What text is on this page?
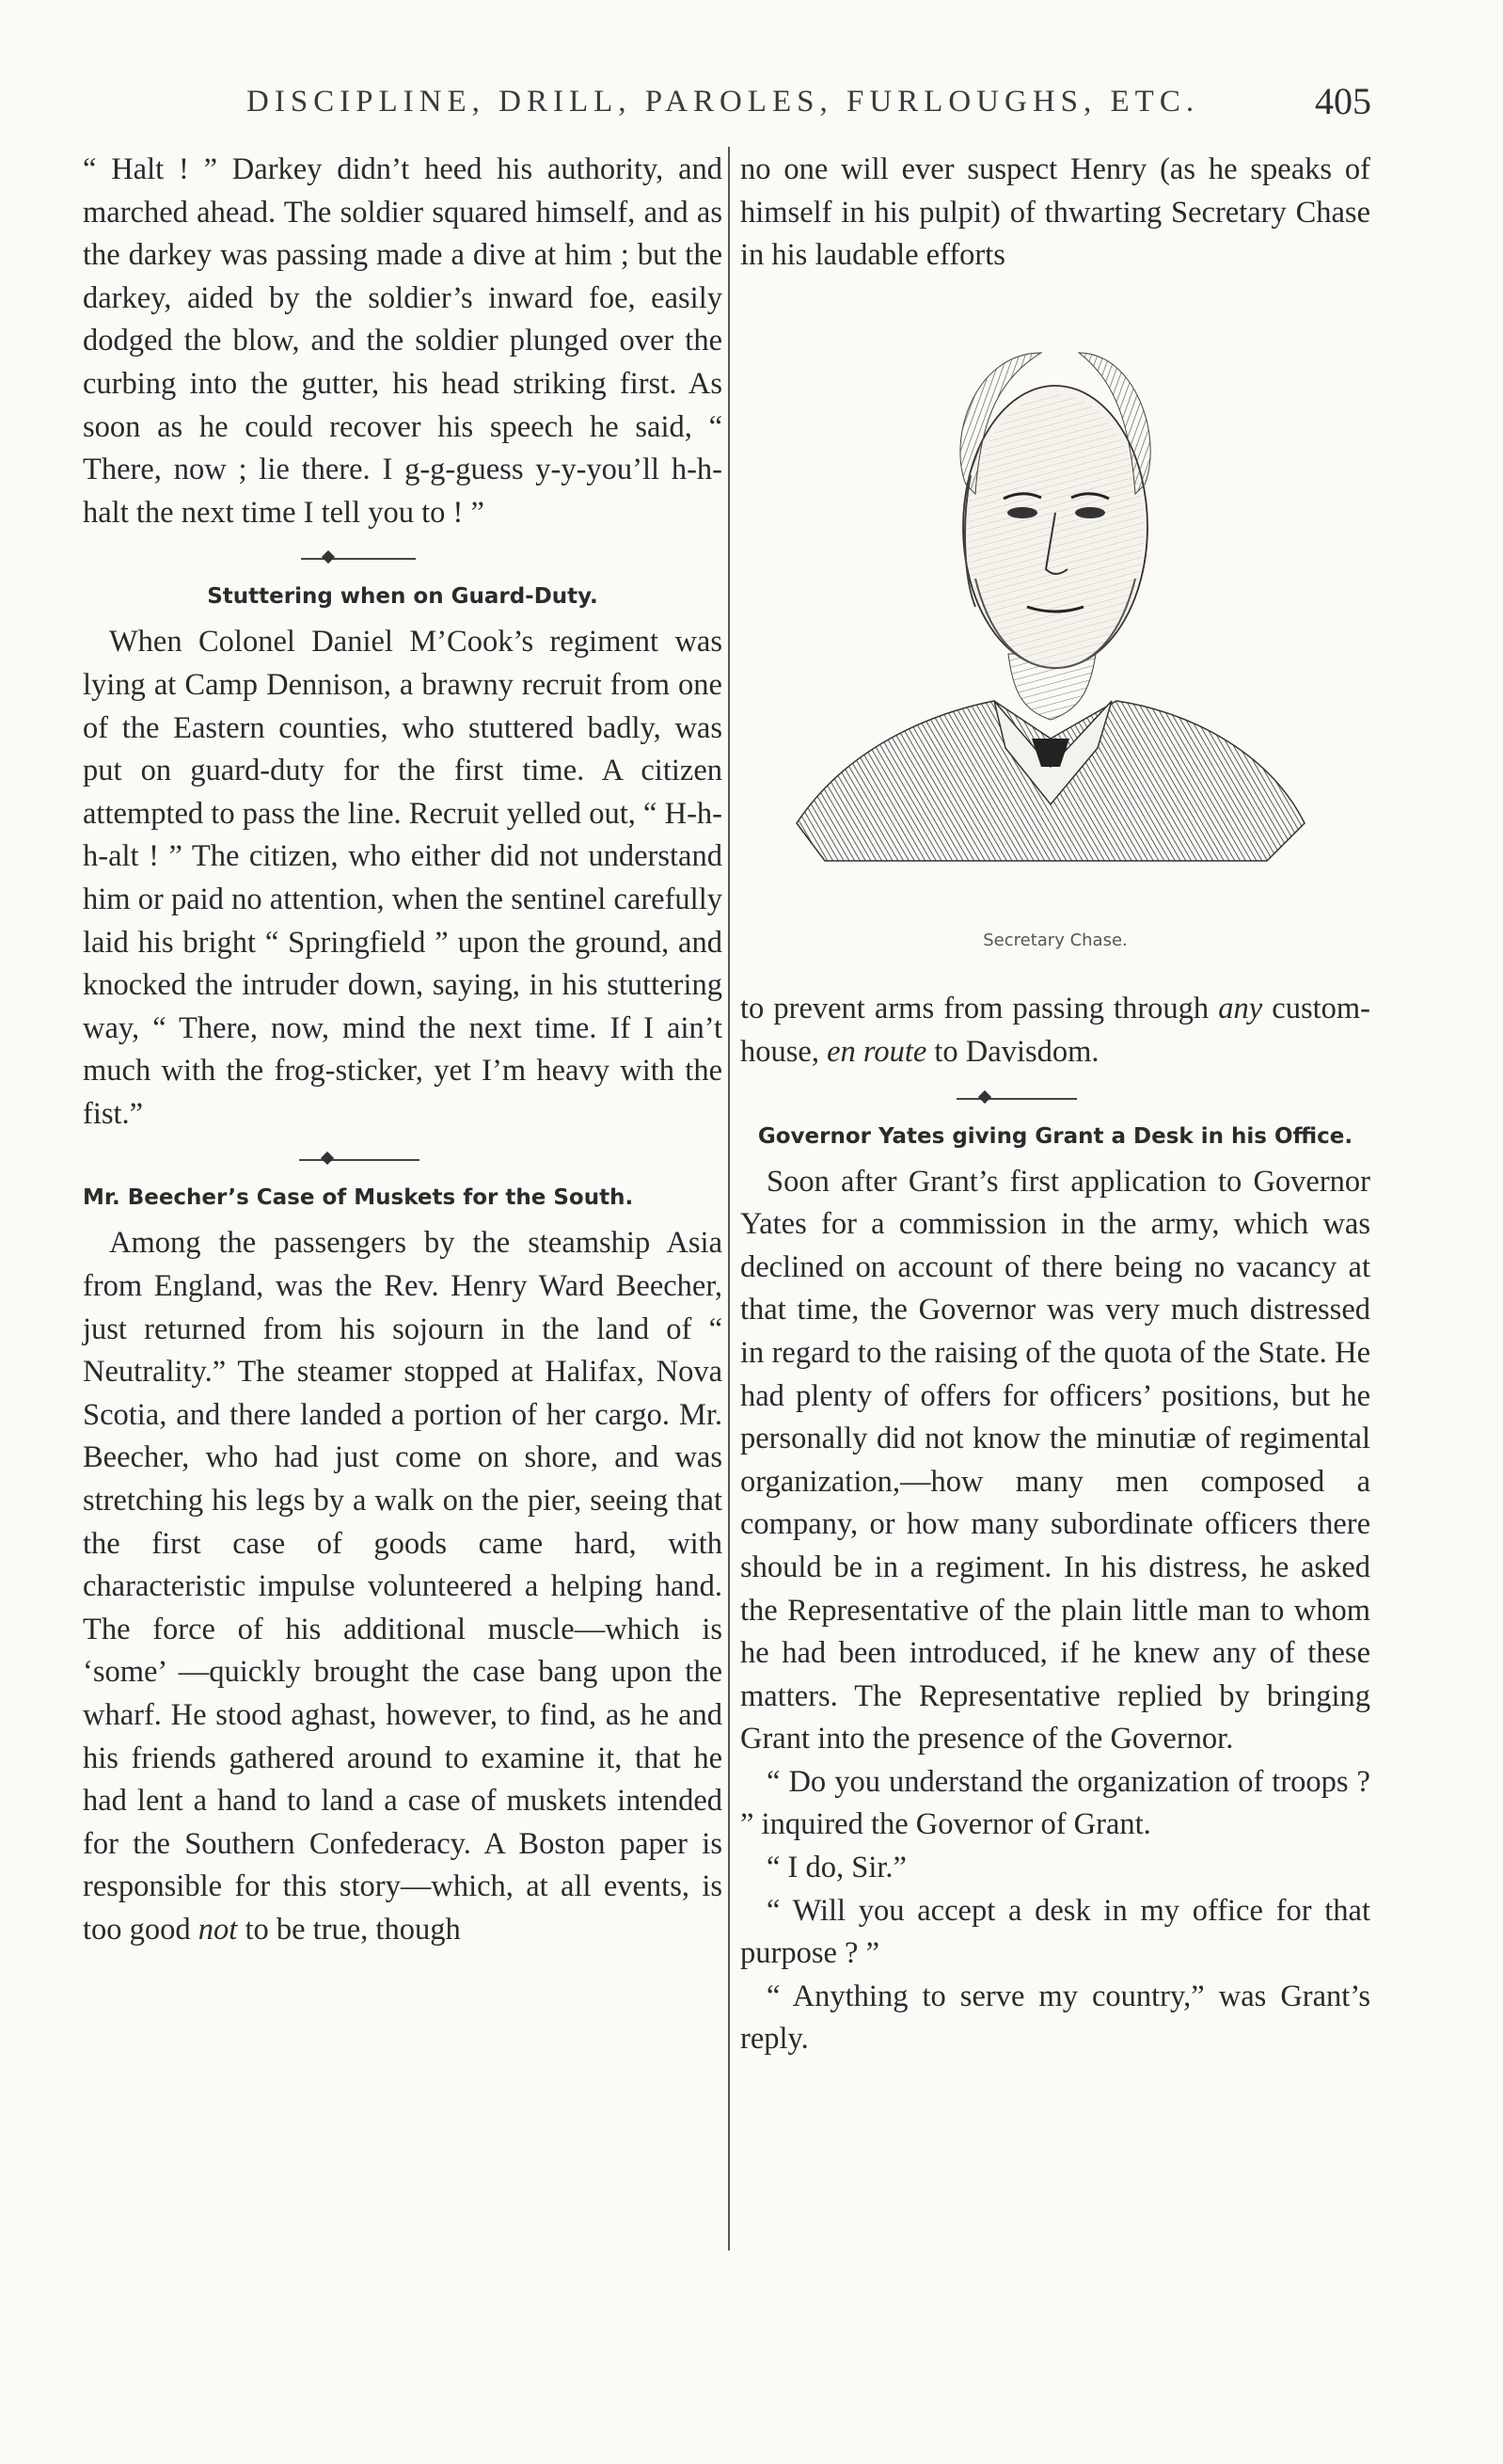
DISCIPLINE, DRILL, PAROLES, FURLOUGHS, ETC.	405

“ Halt ! ” Darkey didn’t heed his authority, and marched ahead. The soldier squared himself, and as the darkey was passing made a dive at him ; but the darkey, aided by the soldier’s inward foe, easily dodged the blow, and the soldier plunged over the curbing into the gutter, his head striking first. As soon as he could recover his speech he said, “ There, now ; lie there. I g-g-guess y-y-you’ll h-h-halt the next time I tell you to ! ”

Stuttering when on Guard-Duty.

When Colonel Daniel M’Cook’s regiment was lying at Camp Dennison, a brawny recruit from one of the Eastern counties, who stuttered badly, was put on guard-duty for the first time. A citizen attempted to pass the line. Recruit yelled out, “ H-h-h-alt ! ” The citizen, who either did not understand him or paid no attention, when the sentinel carefully laid his bright “ Springfield ” upon the ground, and knocked the intruder down, saying, in his stuttering way, “ There, now, mind the next time. If I ain’t much with the frog-sticker, yet I’m heavy with the fist.”

Mr. Beecher’s Case of Muskets for the South.

Among the passengers by the steamship Asia from England, was the Rev. Henry Ward Beecher, just returned from his sojourn in the land of “ Neutrality.” The steamer stopped at Halifax, Nova Scotia, and there landed a portion of her cargo. Mr. Beecher, who had just come on shore, and was stretching his legs by a walk on the pier, seeing that the first case of goods came hard, with characteristic impulse volunteered a helping hand. The force of his additional muscle—which is ‘some’ —quickly brought the case bang upon the wharf. He stood aghast, however, to find, as he and his friends gathered around to examine it, that he had lent a hand to land a case of muskets intended for the Southern Confederacy. A Boston paper is responsible for this story—which, at all events, is too good not to be true, though

no one will ever suspect Henry (as he speaks of himself in his pulpit) of thwarting Secretary Chase in his laudable efforts

Secretary Chase.

to prevent arms from passing through any custom-house, en route to Davisdom.

Governor Yates giving Grant a Desk in his Office.

Soon after Grant’s first application to Governor Yates for a commission in the army, which was declined on account of there being no vacancy at that time, the Governor was very much distressed in regard to the raising of the quota of the State. He had plenty of offers for officers’ positions, but he personally did not know the minutiæ of regimental organization,—how many men composed a company, or how many subordinate officers there should be in a regiment. In his distress, he asked the Representative of the plain little man to whom he had been introduced, if he knew any of these matters. The Representative replied by bringing Grant into the presence of the Governor.

“ Do you understand the organization of troops ? ” inquired the Governor of Grant.

“ I do, Sir.”

“ Will you accept a desk in my office for that purpose ? ”

“ Anything to serve my country,” was Grant’s reply.
